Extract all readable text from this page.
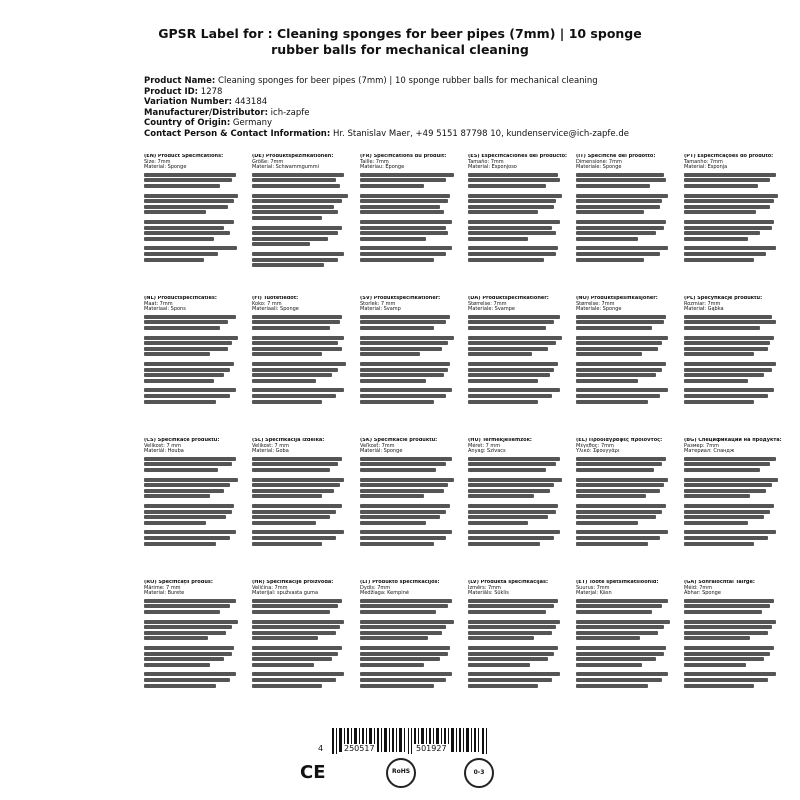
GPSR Label for : Cleaning sponges for beer pipes (7mm) | 10 sponge
rubber balls for mechanical cleaning
Product Name: Cleaning sponges for beer pipes (7mm) | 10 sponge rubber balls for mechanical cleaning
Product ID: 1278
Variation Number: 443184
Manufacturer/Distributor: ich-zapfe
Country of Origin: Germany
Contact Person & Contact Information: Hr. Stanislav Maer, +49 5151 87798 10, kundenservice@ich-zapfe.de
(EN) Product Specifications:
Size: 7mm
Material: Sponge
(DE) Produktspezifikationen:
Größe: 7mm
Material: Schwammgummi
(FR) Spécifications du produit:
Taille: 7mm
Matériau: Éponge
(ES) Especificaciones del producto:
Tamaño: 7mm
Material: Esponjoso
(IT) Specifiche del prodotto:
Dimensione: 7mm
Materiale: Sponge
(PT) Especificações do produto:
Tamanho: 7mm
Material: Esponja
(NL) Productspecificaties:
Maat: 7mm
Materiaal: Spons
(FI) Tuotetiedot:
Koko: 7 mm
Materiaali: Sponge
(SV) Produktspecifikationer:
Storlek: 7 mm
Material: Svamp
(DA) Produktspecifikationer:
Størrelse: 7mm
Materiale: Svampe
(NO) Produktspesifikasjoner:
Størrelse: 7mm
Materiale: Sponge
(PL) Specyfikacje produktu:
Rozmiar: 7mm
Materiał: Gąbka
(CS) Specifikace produktu:
Velikost: 7 mm
Materiál: Houba
(SL) Specifikacija izdelka:
Velikost: 7 mm
Material: Goba
(SK) Špecifikácie produktu:
Veľkosť: 7mm
Materiál: Sponge
(HU) Termékjellemzők:
Méret: 7 mm
Anyag: Szivacs
(EL) Προδιαγραφές προϊόντος:
Μέγεθος: 7mm
Υλικό: Σφουγγάρι
(BG) Спецификации на продукта:
Размер: 7mm
Материал: Спандж
(RO) Specificații produs:
Mărime: 7 mm
Material: Burete
(HR) Specifikacije proizvoda:
Veličina: 7mm
Materijal: spužvasta guma
(LT) Produkto specifikacijos:
Dydis: 7mm
Medžiaga: Kempinė
(LV) Produkta specifikācijas:
Izmērs: 7mm
Materiāls: Sūklis
(ET) Toote spetsifikatsioonid:
Suurus: 7mm
Materjal: Käsn
(GA) Sonraíochtaí Táirge:
Méid: 7mm
Ábhar: Sponge
4	250517	501927
CE	RoHS	0-3
